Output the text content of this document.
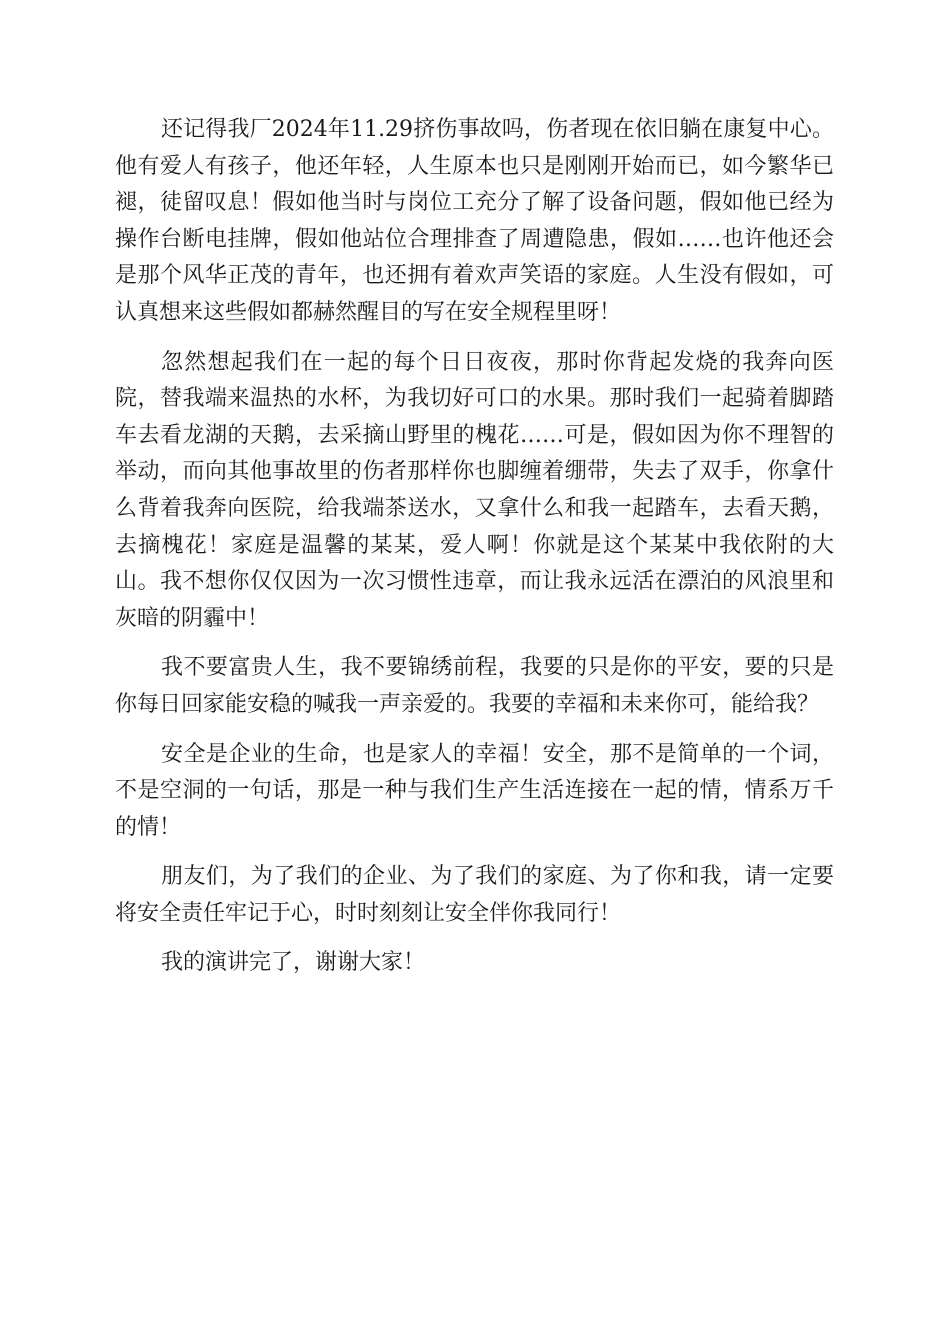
还记得我厂2024年11.29挤伤事故吗，伤者现在依旧躺在康复中心。他有爱人有孩子，他还年轻，人生原本也只是刚刚开始而已，如今繁华已褪，徒留叹息！假如他当时与岗位工充分了解了设备问题，假如他已经为操作台断电挂牌，假如他站位合理排查了周遭隐患，假如……也许他还会是那个风华正茂的青年，也还拥有着欢声笑语的家庭。人生没有假如，可认真想来这些假如都赫然醒目的写在安全规程里呀！

忽然想起我们在一起的每个日日夜夜，那时你背起发烧的我奔向医院，替我端来温热的水杯，为我切好可口的水果。那时我们一起骑着脚踏车去看龙湖的天鹅，去采摘山野里的槐花……可是，假如因为你不理智的举动，而向其他事故里的伤者那样你也脚缠着绷带，失去了双手，你拿什么背着我奔向医院，给我端茶送水，又拿什么和我一起踏车，去看天鹅，去摘槐花！家庭是温馨的某某，爱人啊！你就是这个某某中我依附的大山。我不想你仅仅因为一次习惯性违章，而让我永远活在漂泊的风浪里和灰暗的阴霾中！

我不要富贵人生，我不要锦绣前程，我要的只是你的平安，要的只是你每日回家能安稳的喊我一声亲爱的。我要的幸福和未来你可，能给我？

安全是企业的生命，也是家人的幸福！安全，那不是简单的一个词，不是空洞的一句话，那是一种与我们生产生活连接在一起的情，情系万千的情！

朋友们，为了我们的企业、为了我们的家庭、为了你和我，请一定要将安全责任牢记于心，时时刻刻让安全伴你我同行！

我的演讲完了，谢谢大家！
